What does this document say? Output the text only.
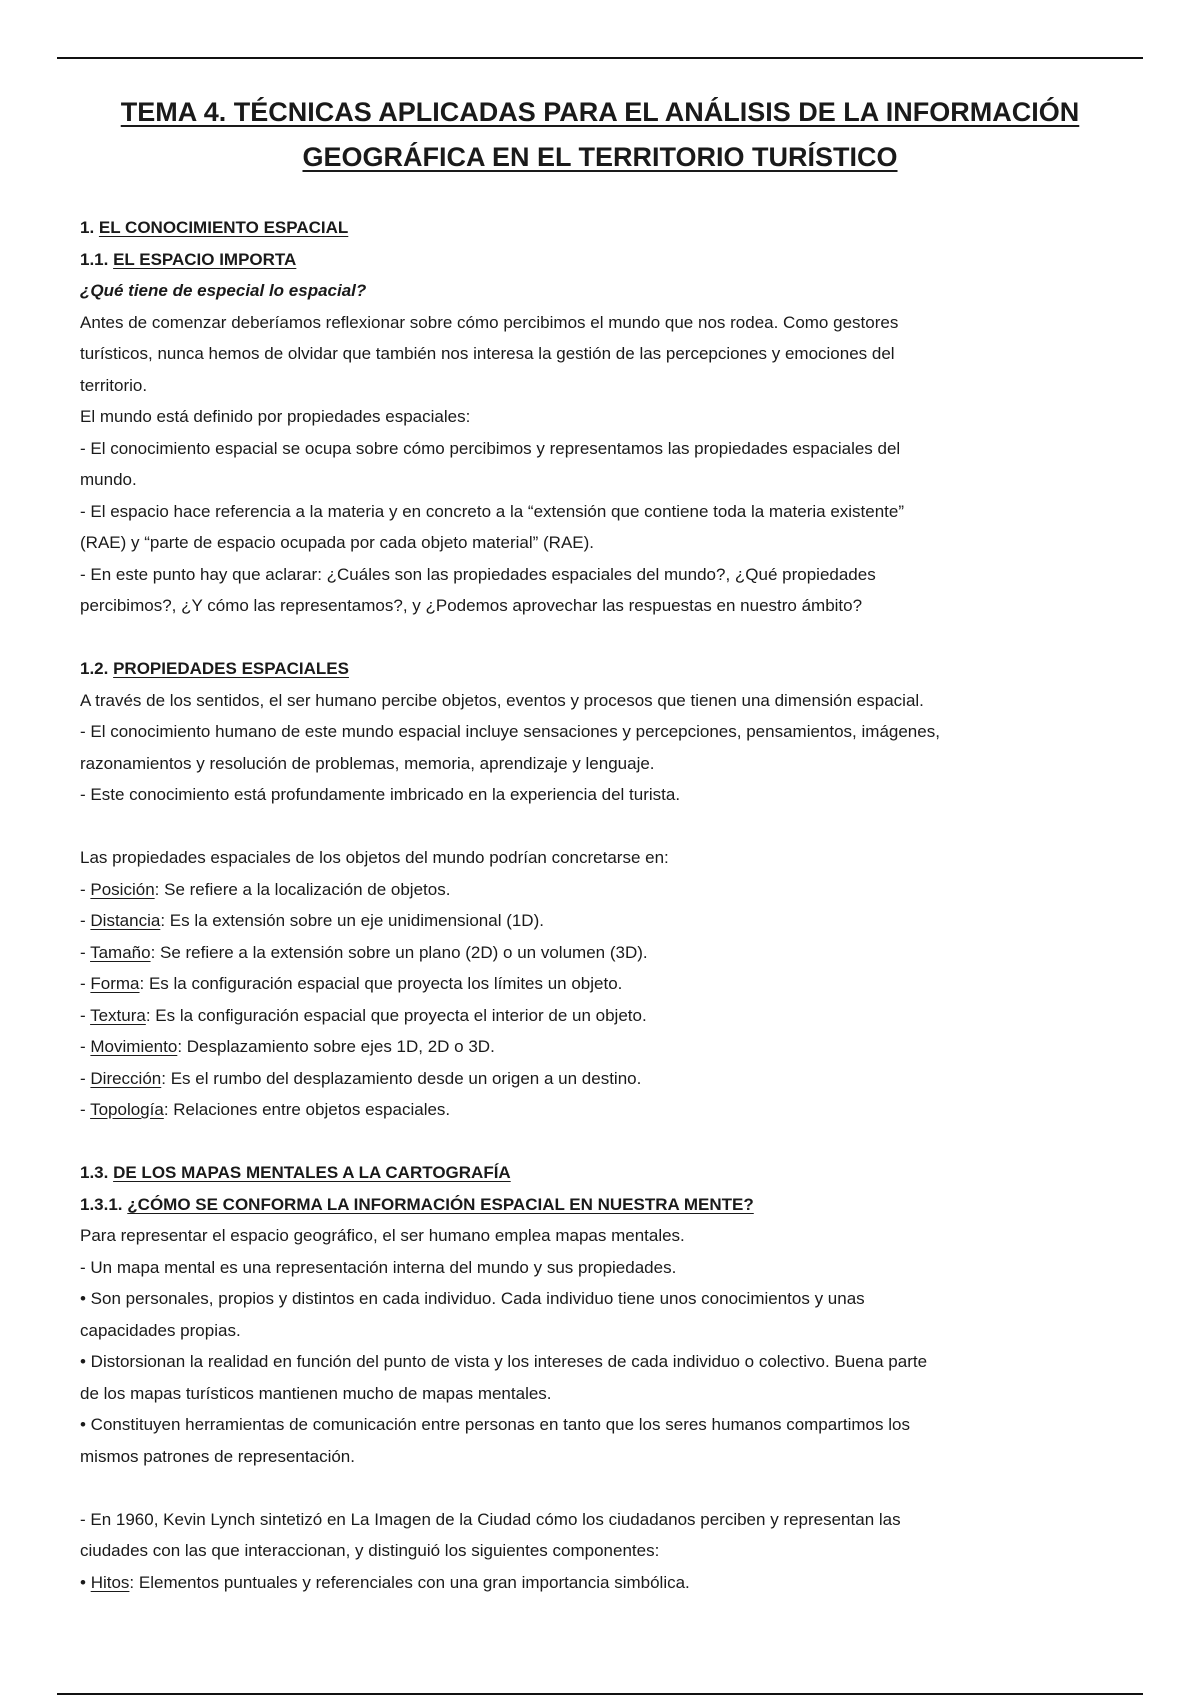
TEMA 4. TÉCNICAS APLICADAS PARA EL ANÁLISIS DE LA INFORMACIÓN
GEOGRÁFICA EN EL TERRITORIO TURÍSTICO
1. EL CONOCIMIENTO ESPACIAL
1.1. EL ESPACIO IMPORTA
¿Qué tiene de especial lo espacial?
Antes de comenzar deberíamos reflexionar sobre cómo percibimos el mundo que nos rodea. Como gestores
turísticos, nunca hemos de olvidar que también nos interesa la gestión de las percepciones y emociones del
territorio.
El mundo está definido por propiedades espaciales:
- El conocimiento espacial se ocupa sobre cómo percibimos y representamos las propiedades espaciales del
mundo.
- El espacio hace referencia a la materia y en concreto a la “extensión que contiene toda la materia existente”
(RAE) y “parte de espacio ocupada por cada objeto material” (RAE).
- En este punto hay que aclarar: ¿Cuáles son las propiedades espaciales del mundo?, ¿Qué propiedades
percibimos?, ¿Y cómo las representamos?, y ¿Podemos aprovechar las respuestas en nuestro ámbito?
1.2. PROPIEDADES ESPACIALES
A través de los sentidos, el ser humano percibe objetos, eventos y procesos que tienen una dimensión espacial.
- El conocimiento humano de este mundo espacial incluye sensaciones y percepciones, pensamientos, imágenes,
razonamientos y resolución de problemas, memoria, aprendizaje y lenguaje.
- Este conocimiento está profundamente imbricado en la experiencia del turista.
Las propiedades espaciales de los objetos del mundo podrían concretarse en:
- Posición: Se refiere a la localización de objetos.
- Distancia: Es la extensión sobre un eje unidimensional (1D).
- Tamaño: Se refiere a la extensión sobre un plano (2D) o un volumen (3D).
- Forma: Es la configuración espacial que proyecta los límites un objeto.
- Textura: Es la configuración espacial que proyecta el interior de un objeto.
- Movimiento: Desplazamiento sobre ejes 1D, 2D o 3D.
- Dirección: Es el rumbo del desplazamiento desde un origen a un destino.
- Topología: Relaciones entre objetos espaciales.
1.3. DE LOS MAPAS MENTALES A LA CARTOGRAFÍA
1.3.1. ¿CÓMO SE CONFORMA LA INFORMACIÓN ESPACIAL EN NUESTRA MENTE?
Para representar el espacio geográfico, el ser humano emplea mapas mentales.
- Un mapa mental es una representación interna del mundo y sus propiedades.
• Son personales, propios y distintos en cada individuo. Cada individuo tiene unos conocimientos y unas
capacidades propias.
• Distorsionan la realidad en función del punto de vista y los intereses de cada individuo o colectivo. Buena parte
de los mapas turísticos mantienen mucho de mapas mentales.
• Constituyen herramientas de comunicación entre personas en tanto que los seres humanos compartimos los
mismos patrones de representación.
- En 1960, Kevin Lynch sintetizó en La Imagen de la Ciudad cómo los ciudadanos perciben y representan las
ciudades con las que interaccionan, y distinguió los siguientes componentes:
• Hitos: Elementos puntuales y referenciales con una gran importancia simbólica.
